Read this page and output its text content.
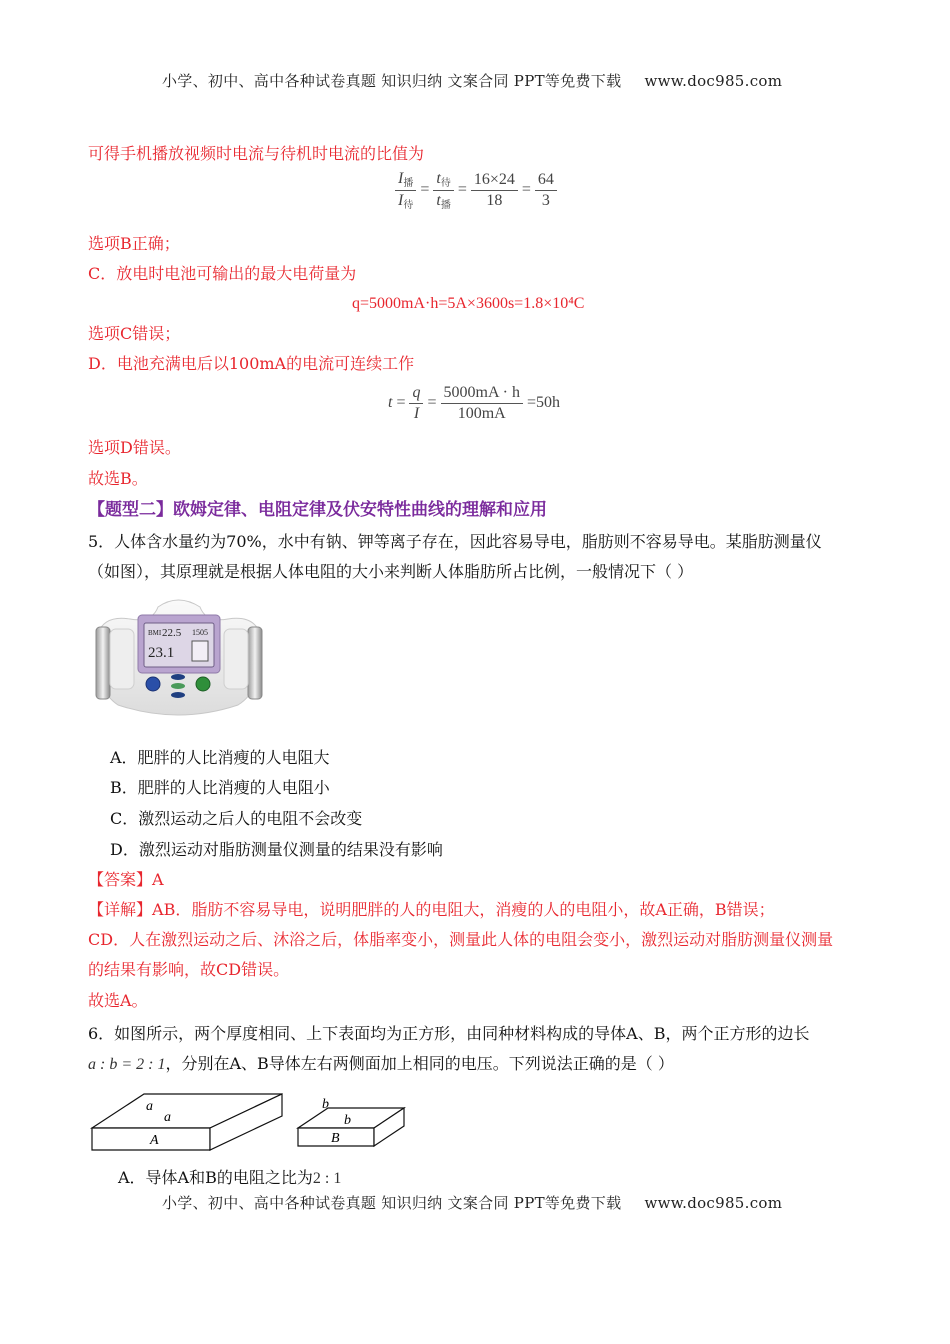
小学、初中、高中各种试卷真题 知识归纳 文案合同 PPT等免费下载 www.doc985.com
可得手机播放视频时电流与待机时电流的比值为
$\frac{I_播}{I_待} = \frac{t_待}{t_播} = \frac{16\times 24}{18} = \frac{64}{3}$
选项B正确；
C．放电时电池可输出的最大电荷量为
q=5000mA·h=5A×3600s=1.8×10⁴C
选项C错误；
D．电池充满电后以100mA的电流可连续工作
$t = \frac{q}{I} = \frac{5000mA \cdot h}{100mA} =50h$
选项D错误。
故选B。
【题型二】欧姆定律、电阻定律及伏安特性曲线的理解和应用
5．人体含水量约为70%，水中有钠、钾等离子存在，因此容易导电，脂肪则不容易导电。某脂肪测量仪
（如图），其原理就是根据人体电阻的大小来判断人体脂肪所占比例，一般情况下（ ）
BMI 22.5 1505
23.1
A．肥胖的人比消瘦的人电阻大
B．肥胖的人比消瘦的人电阻小
C．激烈运动之后人的电阻不会改变
D．激烈运动对脂肪测量仪测量的结果没有影响
【答案】A
【详解】AB．脂肪不容易导电，说明肥胖的人的电阻大，消瘦的人的电阻小，故A正确，B错误；
CD．人在激烈运动之后、沐浴之后，体脂率变小，测量此人体的电阻会变小，激烈运动对脂肪测量仪测量
的结果有影响，故CD错误。
故选A。
6．如图所示，两个厚度相同、上下表面均为正方形，由同种材料构成的导体A、B，两个正方形的边长
a : b = 2 : 1，分别在A、B导体左右两侧面加上相同的电压。下列说法正确的是（ ）
a
a
A
b
b
B
A．导体A和B的电阻之比为2 : 1
小学、初中、高中各种试卷真题 知识归纳 文案合同 PPT等免费下载 www.doc985.com
